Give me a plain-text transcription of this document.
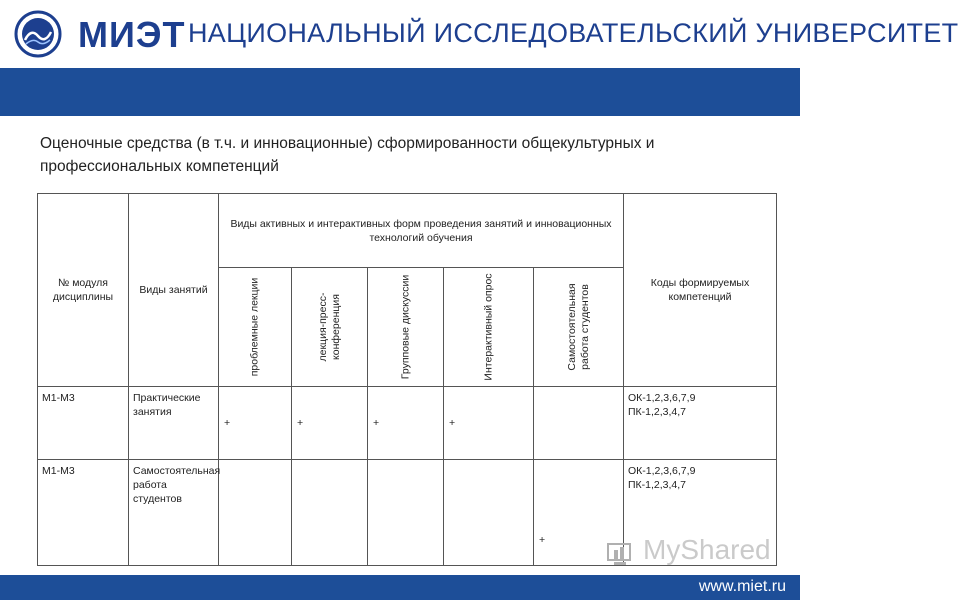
МИЭТ НАЦИОНАЛЬНЫЙ ИССЛЕДОВАТЕЛЬСКИЙ УНИВЕРСИТЕТ
Оценочные средства (в т.ч. и инновационные) сформированности общекультурных и профессиональных компетенций
№ модуля дисциплины	Виды занятий	Виды активных и интерактивных форм проведения занятий и инновационных технологий обучения					Коды формируемых компетенций

		проблемные лекции	лекция-пресс-конференция	Групповые дискуссии	Интерактивный опрос	Самостоятельная работа студентов	

М1-М3	Практические занятия	+	+	+	+		ОК-1,2,3,6,7,9
ПК-1,2,3,4,7

М1-М3	Самостоятельная работа студентов					+	ОК-1,2,3,6,7,9
ПК-1,2,3,4,7
MyShared
www.miet.ru
